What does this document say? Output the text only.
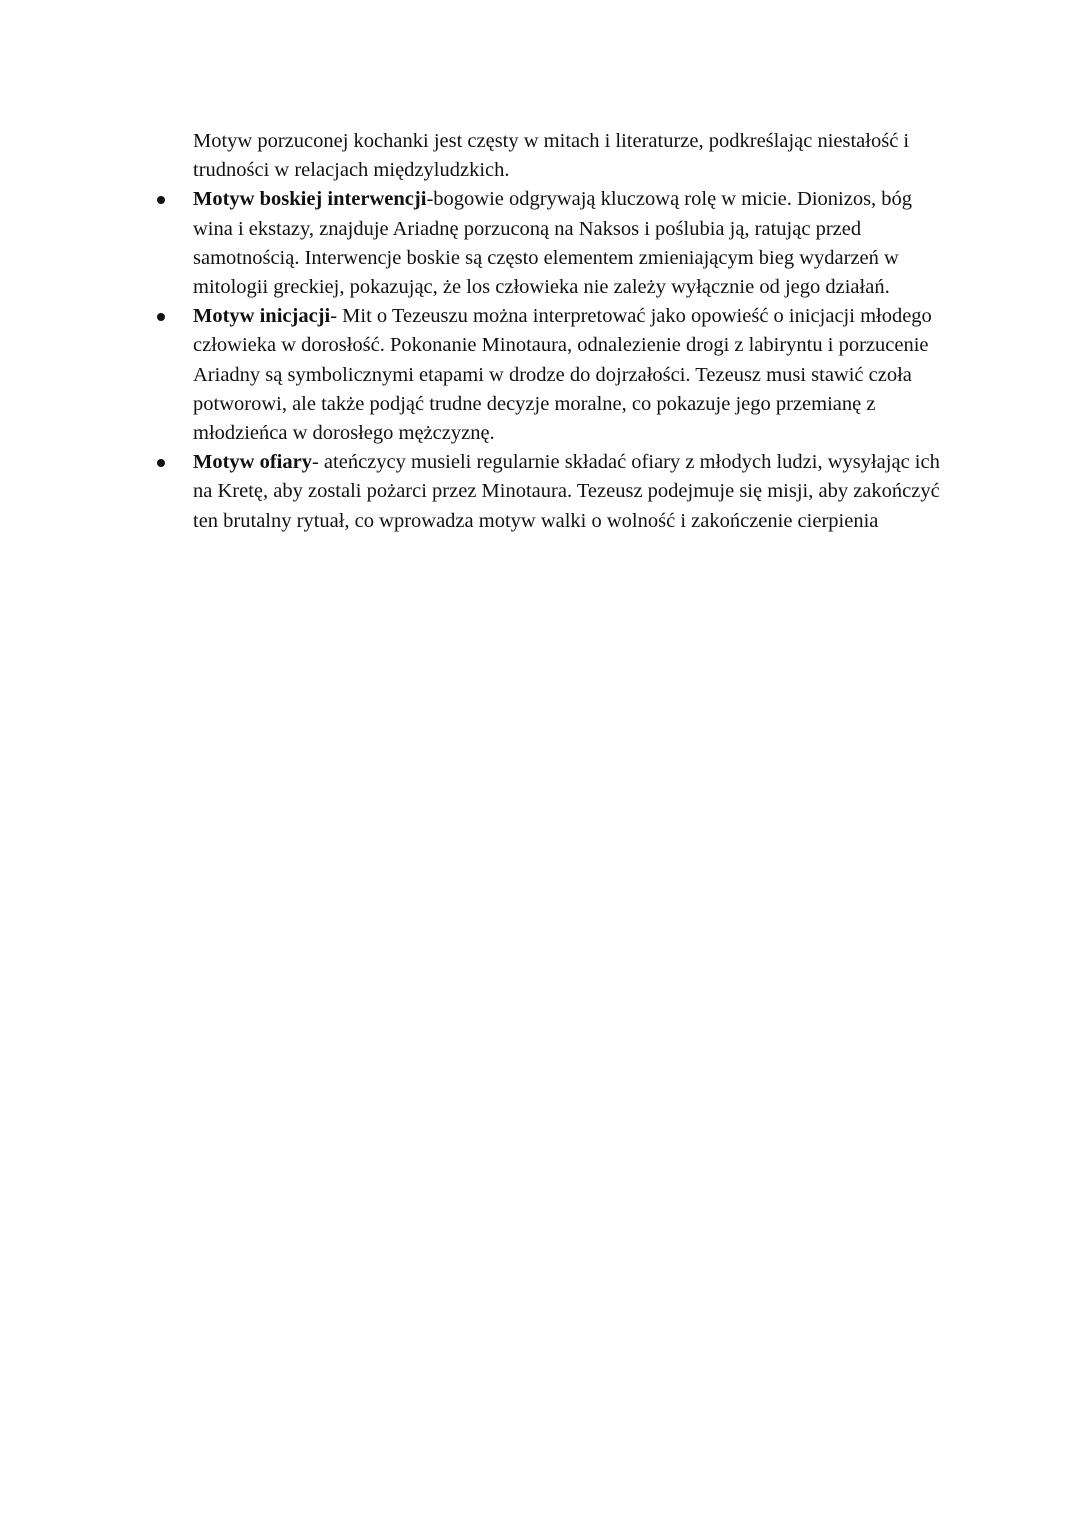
Motyw porzuconej kochanki jest częsty w mitach i literaturze, podkreślając niestałość i trudności w relacjach międzyludzkich.

Motyw boskiej interwencji-bogowie odgrywają kluczową rolę w micie. Dionizos, bóg wina i ekstazy, znajduje Ariadnę porzuconą na Naksos i poślubia ją, ratując przed samotnością. Interwencje boskie są często elementem zmieniającym bieg wydarzeń w mitologii greckiej, pokazując, że los człowieka nie zależy wyłącznie od jego działań.
Motyw inicjacji- Mit o Tezeuszu można interpretować jako opowieść o inicjacji młodego człowieka w dorosłość. Pokonanie Minotaura, odnalezienie drogi z labiryntu i porzucenie Ariadny są symbolicznymi etapami w drodze do dojrzałości. Tezeusz musi stawić czoła potworowi, ale także podjąć trudne decyzje moralne, co pokazuje jego przemianę z młodzieńca w dorosłego mężczyznę.
Motyw ofiary- ateńczycy musieli regularnie składać ofiary z młodych ludzi, wysyłając ich na Kretę, aby zostali pożarci przez Minotaura. Tezeusz podejmuje się misji, aby zakończyć ten brutalny rytuał, co wprowadza motyw walki o wolność i zakończenie cierpienia
